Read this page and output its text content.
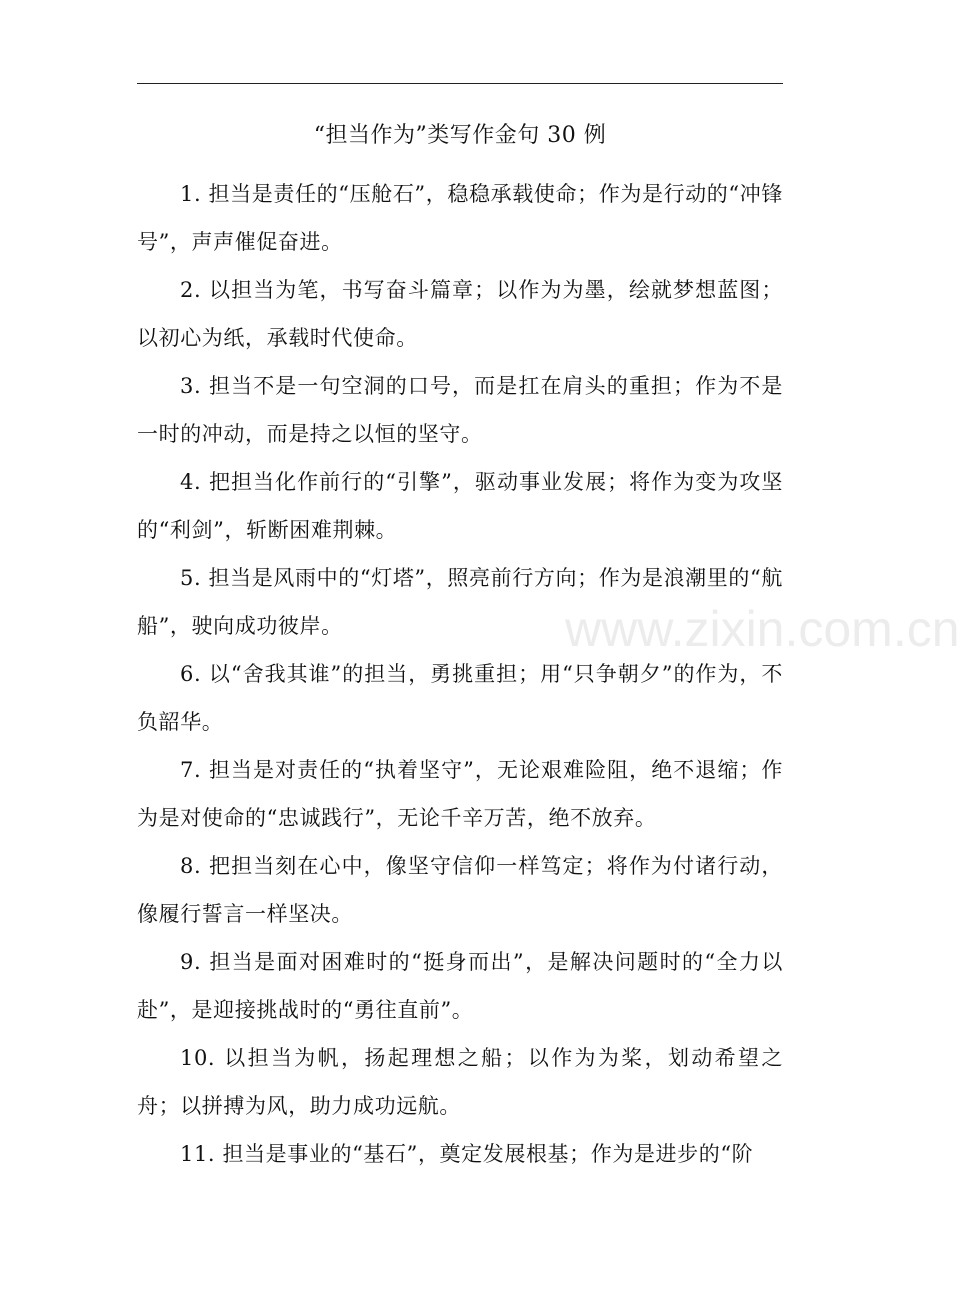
“担当作为”类写作金句 30 例

1. 担当是责任的“压舱石”，稳稳承载使命；作为是行动的“冲锋号”，声声催促奋进。

2. 以担当为笔，书写奋斗篇章；以作为为墨，绘就梦想蓝图；以初心为纸，承载时代使命。

3. 担当不是一句空洞的口号，而是扛在肩头的重担；作为不是一时的冲动，而是持之以恒的坚守。

4. 把担当化作前行的“引擎”，驱动事业发展；将作为变为攻坚的“利剑”，斩断困难荆棘。

5. 担当是风雨中的“灯塔”，照亮前行方向；作为是浪潮里的“航船”，驶向成功彼岸。

6. 以“舍我其谁”的担当，勇挑重担；用“只争朝夕”的作为，不负韶华。

7. 担当是对责任的“执着坚守”，无论艰难险阻，绝不退缩；作为是对使命的“忠诚践行”，无论千辛万苦，绝不放弃。

8. 把担当刻在心中，像坚守信仰一样笃定；将作为付诸行动，像履行誓言一样坚决。

9. 担当是面对困难时的“挺身而出”，是解决问题时的“全力以赴”，是迎接挑战时的“勇往直前”。

10. 以担当为帆，扬起理想之船；以作为为桨，划动希望之舟；以拼搏为风，助力成功远航。

11. 担当是事业的“基石”，奠定发展根基；作为是进步的“阶

www.zixin.com.cn
